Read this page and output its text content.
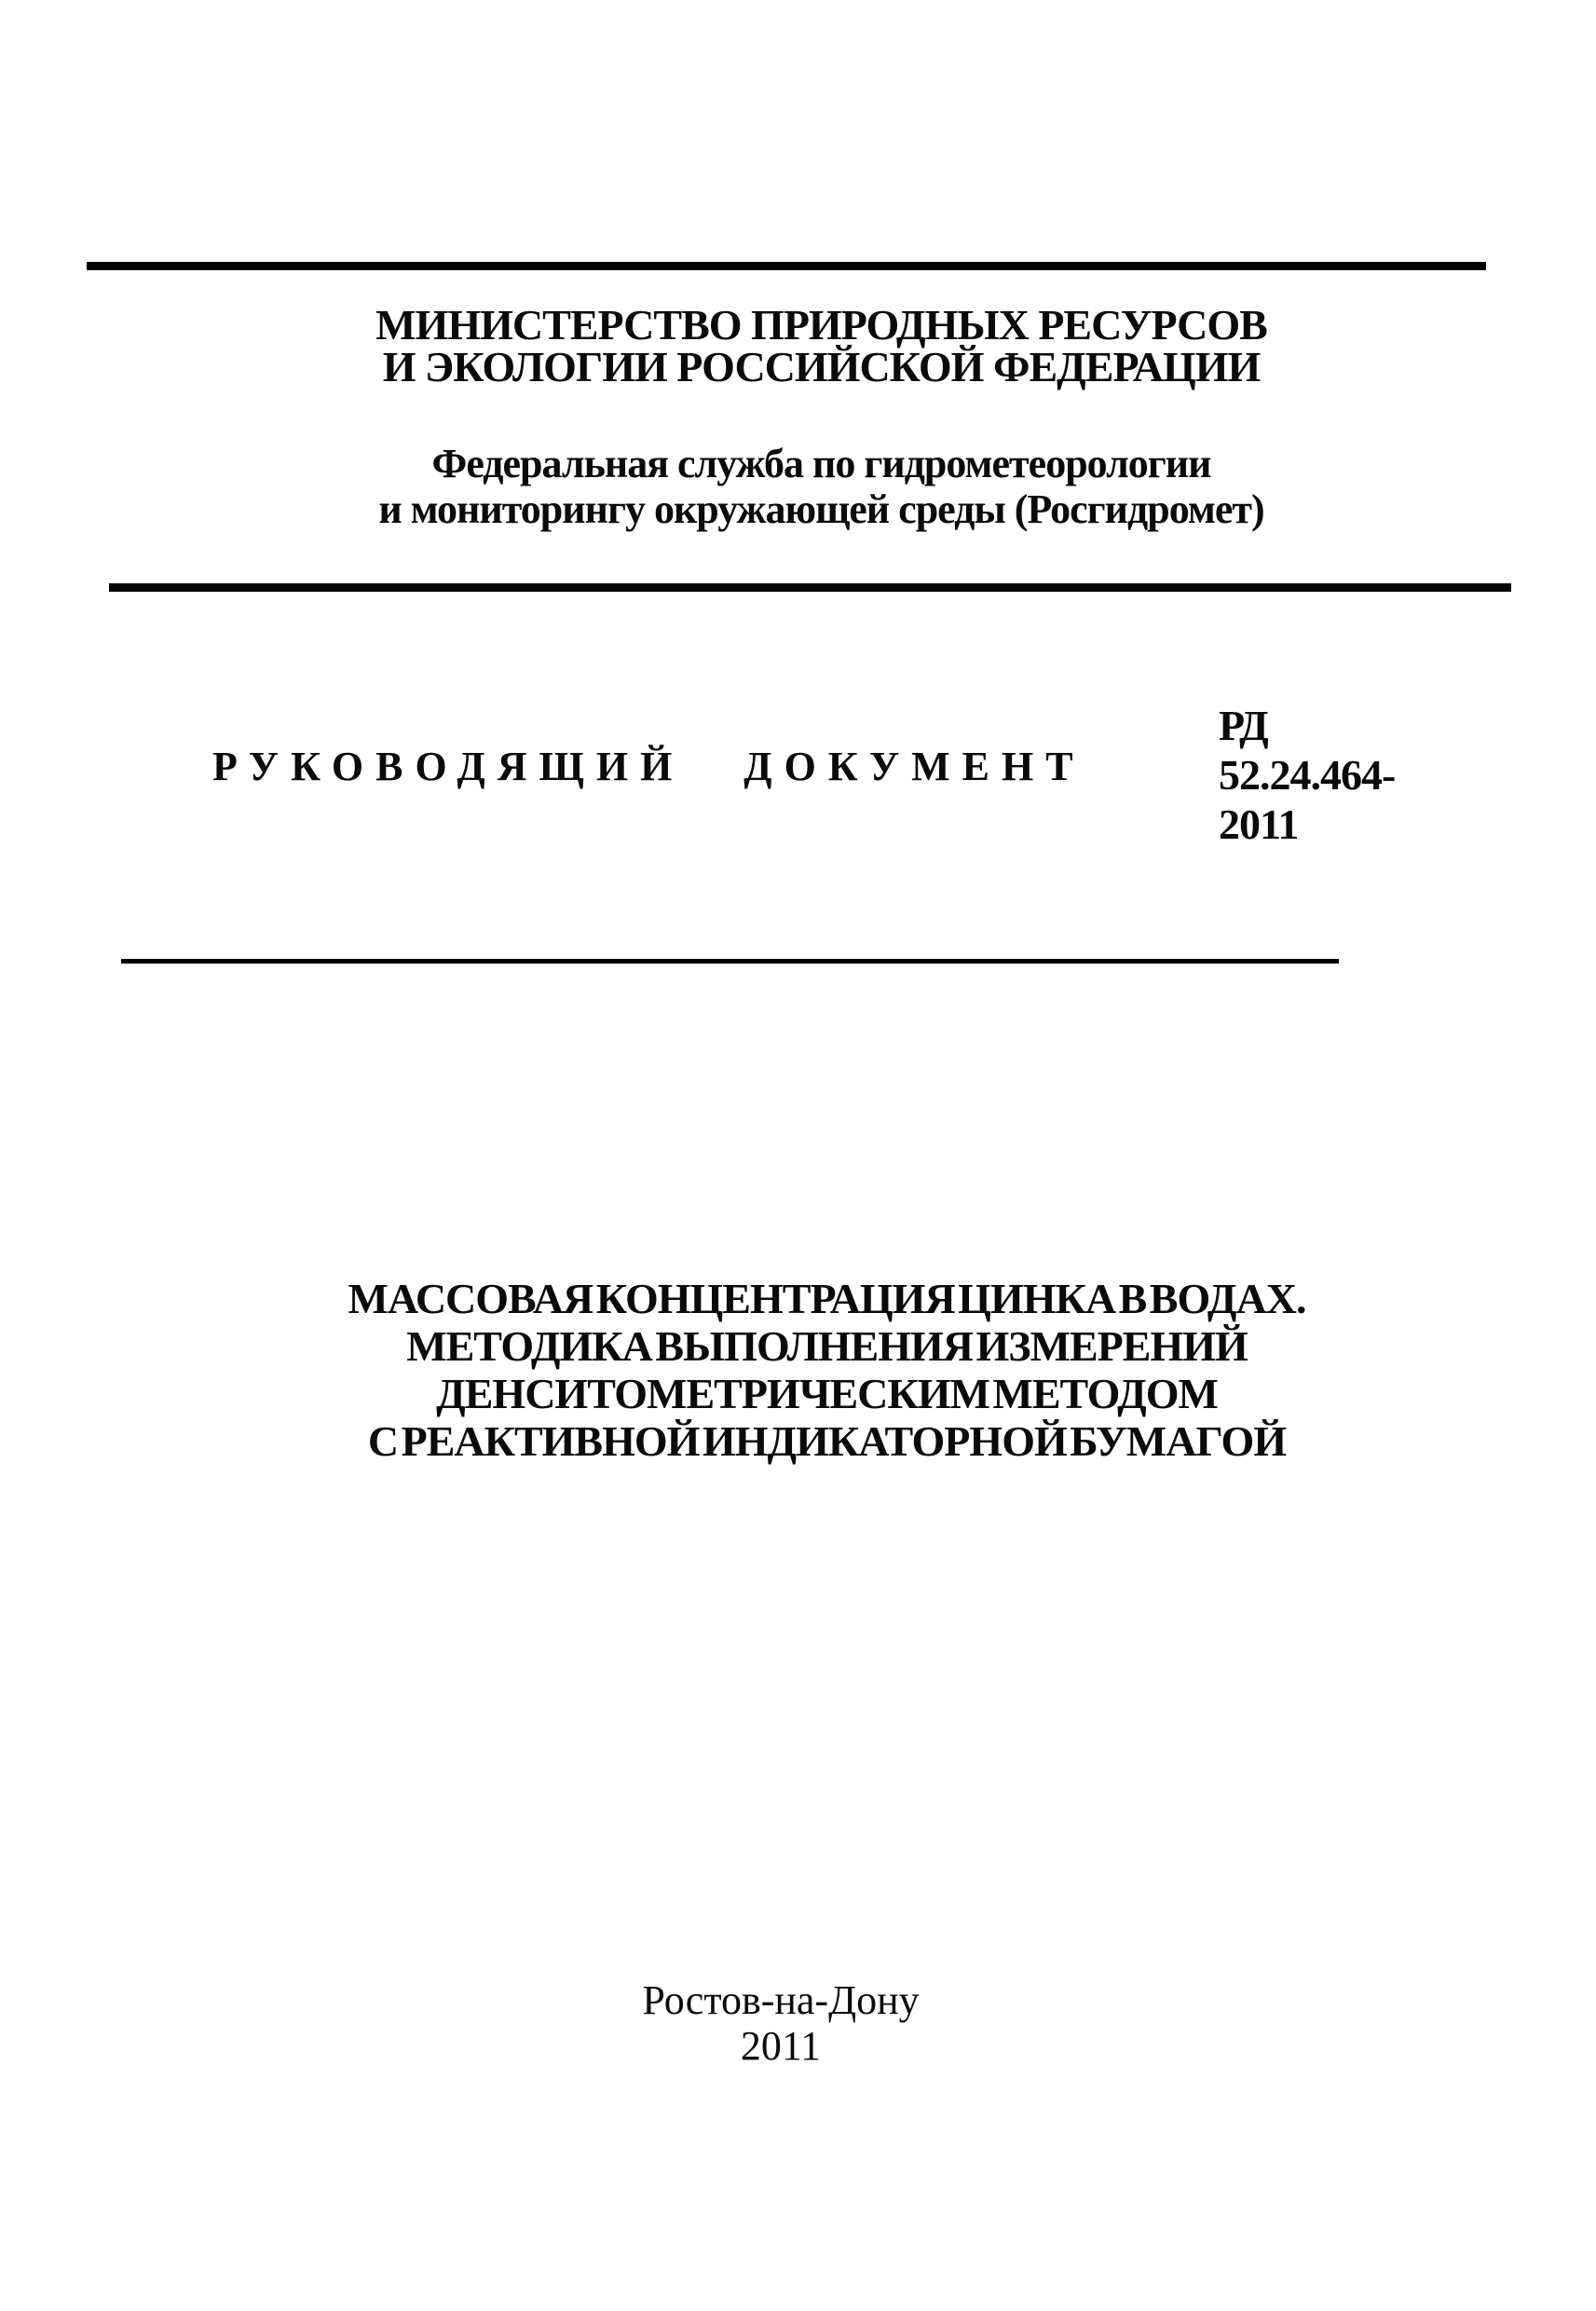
МИНИСТЕРСТВО ПРИРОДНЫХ РЕСУРСОВ
И ЭКОЛОГИИ РОССИЙСКОЙ ФЕДЕРАЦИИ
Федеральная служба по гидрометеорологии
и мониторингу окружающей среды (Росгидромет)
РУКОВОДЯЩИЙ ДОКУМЕНТ
РД
52.24.464-
2011
МАССОВАЯ КОНЦЕНТРАЦИЯ ЦИНКА В ВОДАХ.
МЕТОДИКА ВЫПОЛНЕНИЯ ИЗМЕРЕНИЙ
ДЕНСИТОМЕТРИЧЕСКИМ МЕТОДОМ
С РЕАКТИВНОЙ ИНДИКАТОРНОЙ БУМАГОЙ
Ростов-на-Дону
2011
